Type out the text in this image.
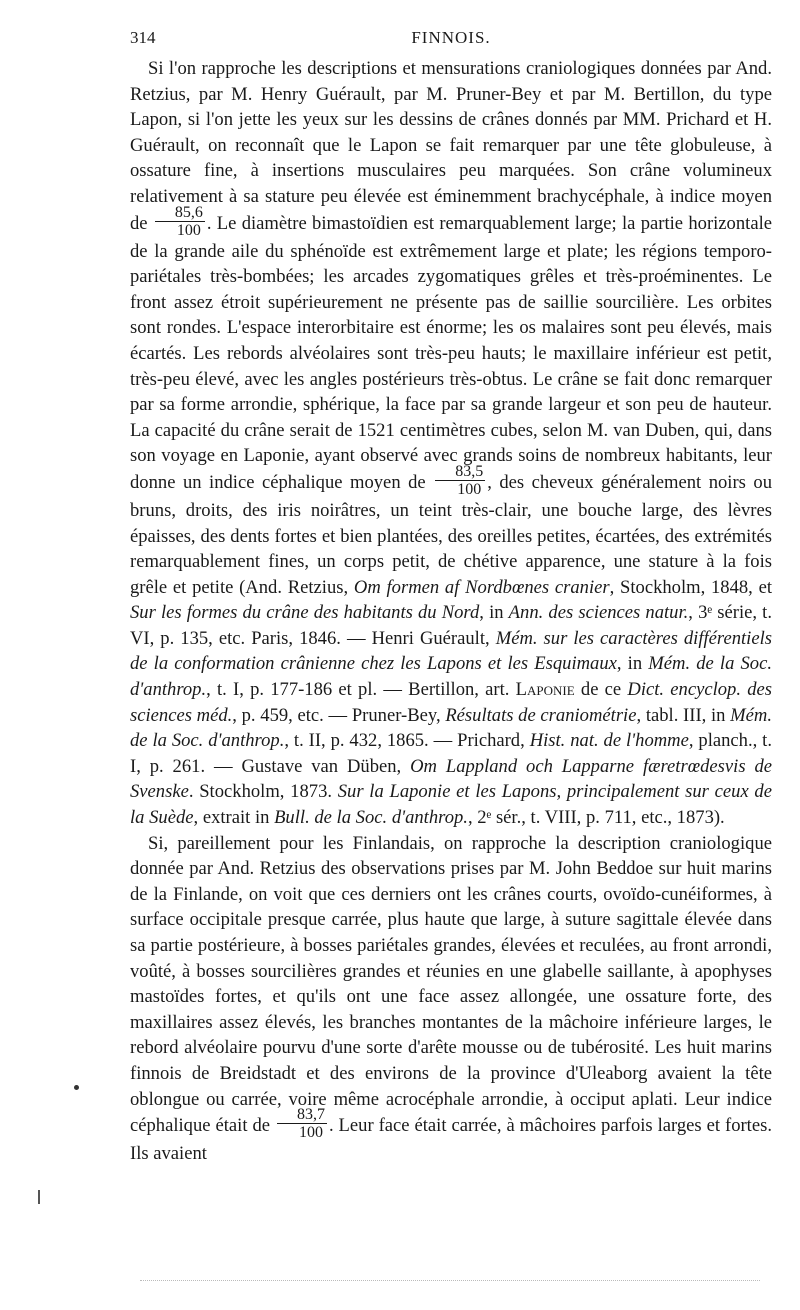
314	FINNOIS.

Si l'on rapproche les descriptions et mensurations craniologiques données par And. Retzius, par M. Henry Guérault, par M. Pruner-Bey et par M. Bertillon, du type Lapon, si l'on jette les yeux sur les dessins de crânes donnés par MM. Prichard et H. Guérault, on reconnaît que le Lapon se fait remarquer par une tête globuleuse, à ossature fine, à insertions musculaires peu marquées. Son crâne volumineux relativement à sa stature peu élevée est éminemment brachycéphale, à indice moyen de $\frac{85,6}{100}$ . Le diamètre bimastoïdien est remarquablement large; la partie horizontale de la grande aile du sphénoïde est extrêmement large et plate; les régions temporo-pariétales très-bombées; les arcades zygomatiques grêles et très-proéminentes. Le front assez étroit supérieurement ne présente pas de saillie sourcilière. Les orbites sont rondes. L'espace interorbitaire est énorme; les os malaires sont peu élevés, mais écartés. Les rebords alvéolaires sont très-peu hauts; le maxillaire inférieur est petit, très-peu élevé, avec les angles postérieurs très-obtus. Le crâne se fait donc remarquer par sa forme arrondie, sphérique, la face par sa grande largeur et son peu de hauteur. La capacité du crâne serait de 1521 centimètres cubes, selon M. van Duben, qui, dans son voyage en Laponie, ayant observé avec grands soins de nombreux habitants, leur donne un indice céphalique moyen de $\frac{83,5}{100}$ , des cheveux généralement noirs ou bruns, droits, des iris noirâtres, un teint très-clair, une bouche large, des lèvres épaisses, des dents fortes et bien plantées, des oreilles petites, écartées, des extrémités remarquablement fines, un corps petit, de chétive apparence, une stature à la fois grêle et petite (And. Retzius, Om formen af Nordbœnes cranier, Stockholm, 1848, et Sur les formes du crâne des habitants du Nord, in Ann. des sciences natur., 3ᵉ série, t. VI, p. 135, etc. Paris, 1846. — Henri Guérault, Mém. sur les caractères différentiels de la conformation crânienne chez les Lapons et les Esquimaux, in Mém. de la Soc. d'anthrop., t. I, p. 177-186 et pl. — Bertillon, art. Laponie de ce Dict. encyclop. des sciences méd., p. 459, etc. — Pruner-Bey, Résultats de craniométrie, tabl. III, in Mém. de la Soc. d'anthrop., t. II, p. 432, 1865. — Prichard, Hist. nat. de l'homme, planch., t. I, p. 261. — Gustave van Düben, Om Lappland och Lapparne færetrœdesvis de Svenske. Stockholm, 1873. Sur la Laponie et les Lapons, principalement sur ceux de la Suède, extrait in Bull. de la Soc. d'anthrop., 2ᵉ sér., t. VIII, p. 711, etc., 1873).

Si, pareillement pour les Finlandais, on rapproche la description craniologique donnée par And. Retzius des observations prises par M. John Beddoe sur huit marins de la Finlande, on voit que ces derniers ont les crânes courts, ovoïdo-cunéiformes, à surface occipitale presque carrée, plus haute que large, à suture sagittale élevée dans sa partie postérieure, à bosses pariétales grandes, élevées et reculées, au front arrondi, voûté, à bosses sourcilières grandes et réunies en une glabelle saillante, à apophyses mastoïdes fortes, et qu'ils ont une face assez allongée, une ossature forte, des maxillaires assez élevés, les branches montantes de la mâchoire inférieure larges, le rebord alvéolaire pourvu d'une sorte d'arête mousse ou de tubérosité. Les huit marins finnois de Breidstadt et des environs de la province d'Uleaborg avaient la tête oblongue ou carrée, voire même acrocéphale arrondie, à occiput aplati. Leur indice céphalique était de $\frac{83,7}{100}$ . Leur face était carrée, à mâchoires parfois larges et fortes. Ils avaient
